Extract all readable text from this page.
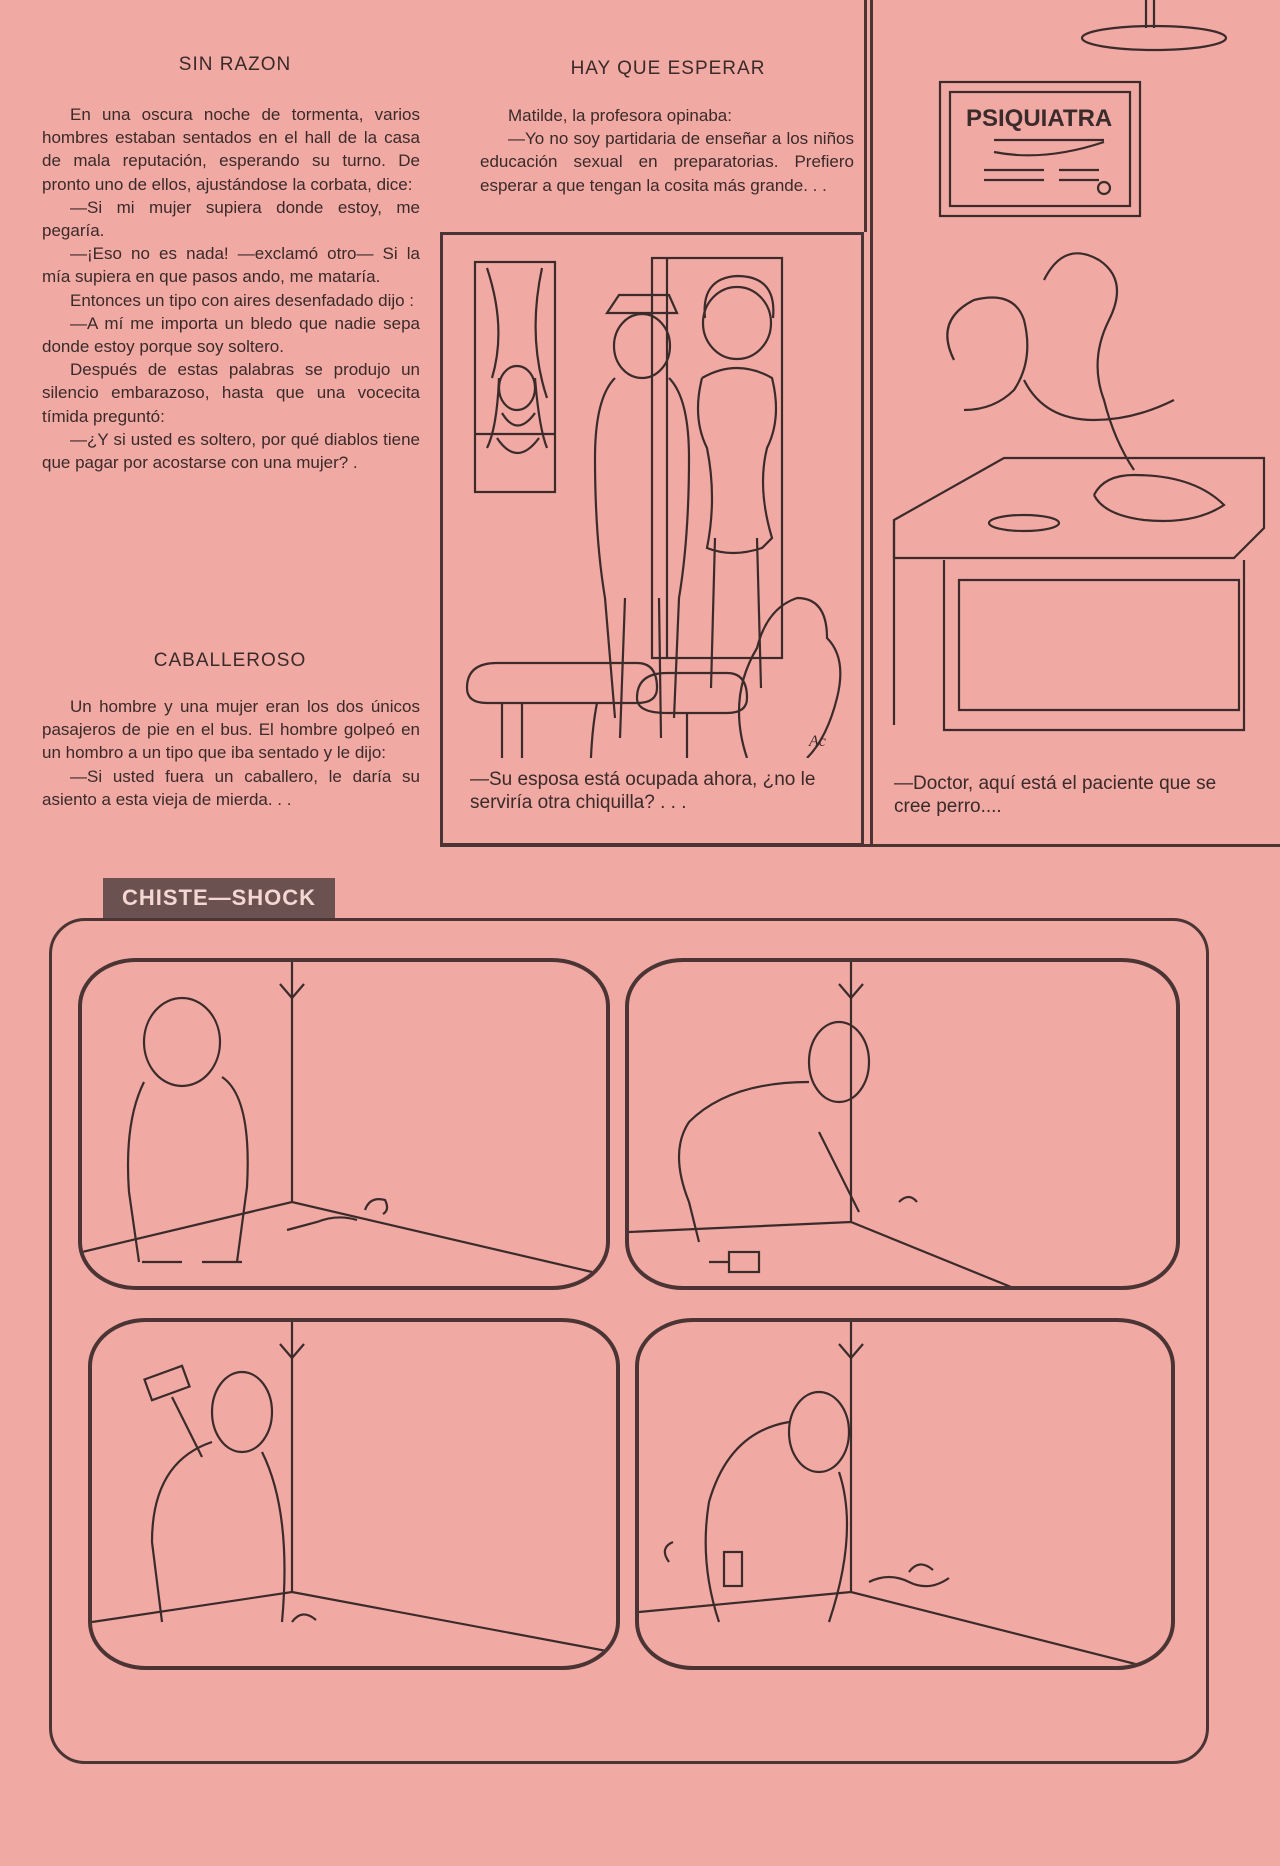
SIN RAZON

En una oscura noche de tormenta, varios hombres estaban sentados en el hall de la casa de mala reputación, esperando su turno. De pronto uno de ellos, ajustándose la corbata, dice:

—Si mi mujer supiera donde estoy, me pegaría.

—¡Eso no es nada! —exclamó otro— Si la mía supiera en que pasos ando, me mataría.

Entonces un tipo con aires desenfadado dijo :

—A mí me importa un bledo que nadie sepa donde estoy porque soy soltero.

Después de estas palabras se produjo un silencio embarazoso, hasta que una vocecita tímida preguntó:

—¿Y si usted es soltero, por qué diablos tiene que pagar por acostarse con una mujer? .

CABALLEROSO

Un hombre y una mujer eran los dos únicos pasajeros de pie en el bus. El hombre golpeó en un hombro a un tipo que iba sentado y le dijo:

—Si usted fuera un caballero, le daría su asiento a esta vieja de mierda. . .

HAY QUE ESPERAR

Matilde, la profesora opinaba:

—Yo no soy partidaria de enseñar a los niños educación sexual en preparatorias. Prefiero esperar a que tengan la cosita más grande. . .

Ac
—Su esposa está ocupada ahora, ¿no le serviría otra chiquilla? . . .
PSIQUIATRA
—Doctor, aquí está el paciente que se cree perro....
CHISTE—SHOCK
